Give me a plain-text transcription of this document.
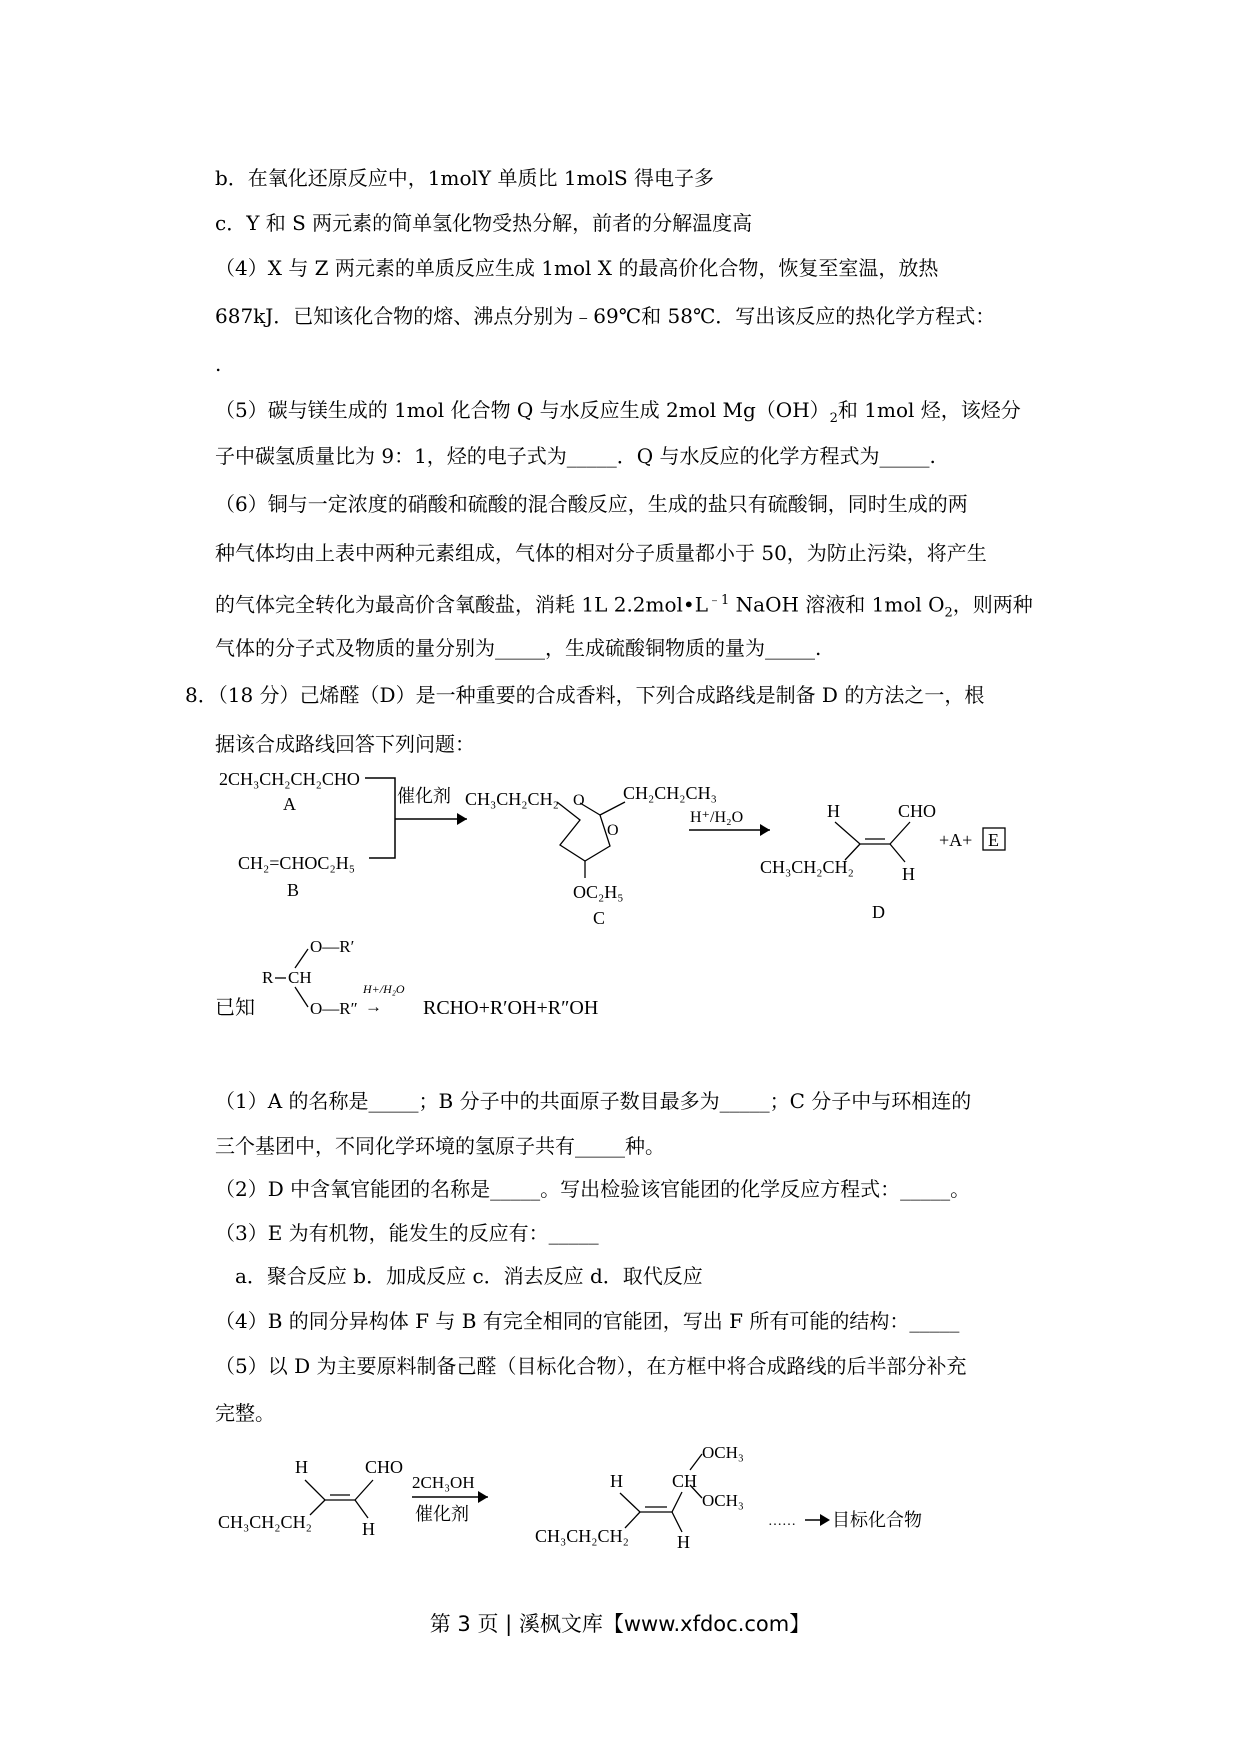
b．在氧化还原反应中，1molY 单质比 1molS 得电子多
c．Y 和 S 两元素的简单氢化物受热分解，前者的分解温度高
（4）X 与 Z 两元素的单质反应生成 1mol X 的最高价化合物，恢复至室温，放热
687kJ．已知该化合物的熔、沸点分别为﹣69℃和 58℃．写出该反应的热化学方程式：
.
（5）碳与镁生成的 1mol 化合物 Q 与水反应生成 2mol $Mg(OH)_2$和 1mol 烃，该烃分
子中碳氢质量比为 9：1，烃的电子式为_____．Q 与水反应的化学方程式为_____.
（6）铜与一定浓度的硝酸和硫酸的混合酸反应，生成的盐只有硫酸铜，同时生成的两
种气体均由上表中两种元素组成，气体的相对分子质量都小于 50，为防止污染，将产生
的气体完全转化为最高价含氧酸盐，消耗 1L $2.2mol•L^{﹣1}$ NaOH 溶液和 1mol $O_2$，则两种
气体的分子式及物质的量分别为_____，生成硫酸铜物质的量为_____.
8．（18 分）己烯醛（D）是一种重要的合成香料，下列合成路线是制备 D 的方法之一，根
据该合成路线回答下列问题：
2CH₃CH₂CH₂CHO
A
CH₂=CHOC₂H₅
B
催化剂 CH₃CH₂CH₂ O
O
CH₂CH₂CH₃
OC₂H₅
C
H⁺/H₂O	H	CHO
CH₃CH₂CH₂	H
D
+A+ E
已知
O—R′
R CH
O—R″
H+/H₂O
→ RCHO+R′OH+R″OH
（1）A 的名称是_____；B 分子中的共面原子数目最多为_____；C 分子中与环相连的
三个基团中，不同化学环境的氢原子共有_____种。
（2）D 中含氧官能团的名称是_____。写出检验该官能团的化学反应方程式：_____。
（3）E 为有机物，能发生的反应有：_____
a．聚合反应 b．加成反应 c．消去反应 d．取代反应
（4）B 的同分异构体 F 与 B 有完全相同的官能团，写出 F 所有可能的结构：_____
（5）以 D 为主要原料制备己醛（目标化合物），在方框中将合成路线的后半部分补充
完整。
H	CHO
CH₃CH₂CH₂	H
2CH₃OH
催化剂
H	CH
OCH₃
OCH₃
CH₃CH₂CH₂	H
…… 目标化合物
第 3 页 | 溪枫文库【www.xfdoc.com】
